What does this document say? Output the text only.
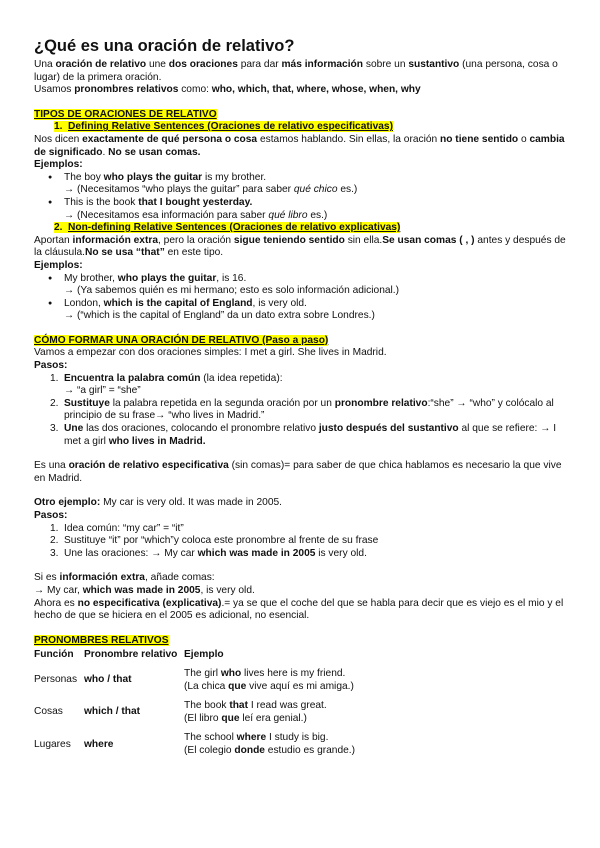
¿Qué es una oración de relativo?

Una oración de relativo une dos oraciones para dar más información sobre un sustantivo (una persona, cosa o lugar) de la primera oración.

Usamos pronombres relativos como: who, which, that, where, whose, when, why

TIPOS DE ORACIONES DE RELATIVO

1. Defining Relative Sentences (Oraciones de relativo especificativas)

Nos dicen exactamente de qué persona o cosa estamos hablando. Sin ellas, la oración no tiene sentido o cambia de significado. No se usan comas.

Ejemplos:

● The boy who plays the guitar is my brother.
→ (Necesitamos “who plays the guitar” para saber qué chico es.)
● This is the book that I bought yesterday.
→ (Necesitamos esa información para saber qué libro es.)

2. Non-defining Relative Sentences (Oraciones de relativo explicativas)

Aportan información extra, pero la oración sigue teniendo sentido sin ella.Se usan comas ( , ) antes y después de la cláusula.No se usa “that” en este tipo.

Ejemplos:

● My brother, who plays the guitar, is 16.
→ (Ya sabemos quién es mi hermano; esto es solo información adicional.)
● London, which is the capital of England, is very old.
→ (“which is the capital of England” da un dato extra sobre Londres.)

CÓMO FORMAR UNA ORACIÓN DE RELATIVO (Paso a paso)

Vamos a empezar con dos oraciones simples: I met a girl. She lives in Madrid.

Pasos:

1. Encuentra la palabra común (la idea repetida):
→ “a girl” = “she”
2. Sustituye la palabra repetida en la segunda oración por un pronombre relativo:“she” → “who” y colócalo al principio de su frase→ “who lives in Madrid.”
3. Une las dos oraciones, colocando el pronombre relativo justo después del sustantivo al que se refiere: → I met a girl who lives in Madrid.

Es una oración de relativo especificativa (sin comas)= para saber de que chica hablamos es necesario la que vive en Madrid.

Otro ejemplo: My car is very old. It was made in 2005.

Pasos:

1. Idea común: “my car” = “it”
2. Sustituye “it” por “which”y coloca este pronombre al frente de su frase
3. Une las oraciones: → My car which was made in 2005 is very old.

Si es información extra, añade comas:

→ My car, which was made in 2005, is very old.

Ahora es no especificativa (explicativa).= ya se que el coche del que se habla para decir que es viejo es el mio y el hecho de que se hiciera en el 2005 es adicional, no esencial.

PRONOMBRES RELATIVOS

Función	Pronombre relativo	Ejemplo
Personas	who / that	The girl who lives here is my friend.
(La chica que vive aquí es mi amiga.)
Cosas	which / that	The book that I read was great.
(El libro que leí era genial.)
Lugares	where	The school where I study is big.
(El colegio donde estudio es grande.)
